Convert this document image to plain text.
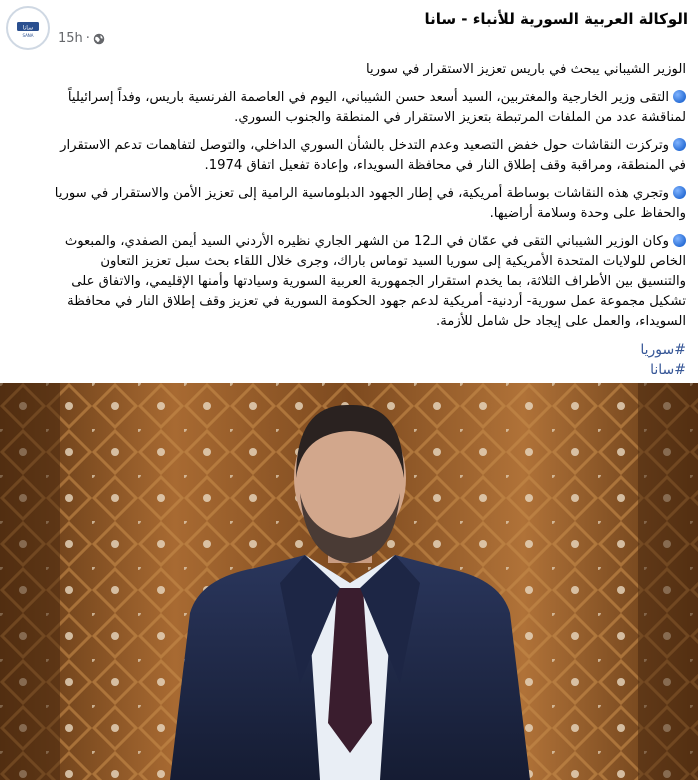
سانا
SANA
الوكالة العربية السورية للأنباء - سانا
15h ·

الوزير الشيباني يبحث في باريس تعزيز الاستقرار في سوريا

التقى وزير الخارجية والمغتربين، السيد أسعد حسن الشيباني، اليوم في العاصمة الفرنسية باريس، وفداً إسرائيلياً لمناقشة عدد من الملفات المرتبطة بتعزيز الاستقرار في المنطقة والجنوب السوري.

وتركزت النقاشات حول خفض التصعيد وعدم التدخل بالشأن السوري الداخلي، والتوصل لتفاهمات تدعم الاستقرار في المنطقة، ومراقبة وقف إطلاق النار في محافظة السويداء، وإعادة تفعيل اتفاق 1974.

وتجري هذه النقاشات بوساطة أمريكية، في إطار الجهود الدبلوماسية الرامية إلى تعزيز الأمن والاستقرار في سوريا والحفاظ على وحدة وسلامة أراضيها.

وكان الوزير الشيباني التقى في عمّان في الـ12 من الشهر الجاري نظيره الأردني السيد أيمن الصفدي، والمبعوث الخاص للولايات المتحدة الأمريكية إلى سوريا السيد توماس باراك، وجرى خلال اللقاء بحث سبل تعزيز التعاون والتنسيق بين الأطراف الثلاثة، بما يخدم استقرار الجمهورية العربية السورية وسيادتها وأمنها الإقليمي، والاتفاق على تشكيل مجموعة عمل سورية- أردنية- أمريكية لدعم جهود الحكومة السورية في تعزيز وقف إطلاق النار في محافظة السويداء، والعمل على إيجاد حل شامل للأزمة.

#سوريا
#سانا
